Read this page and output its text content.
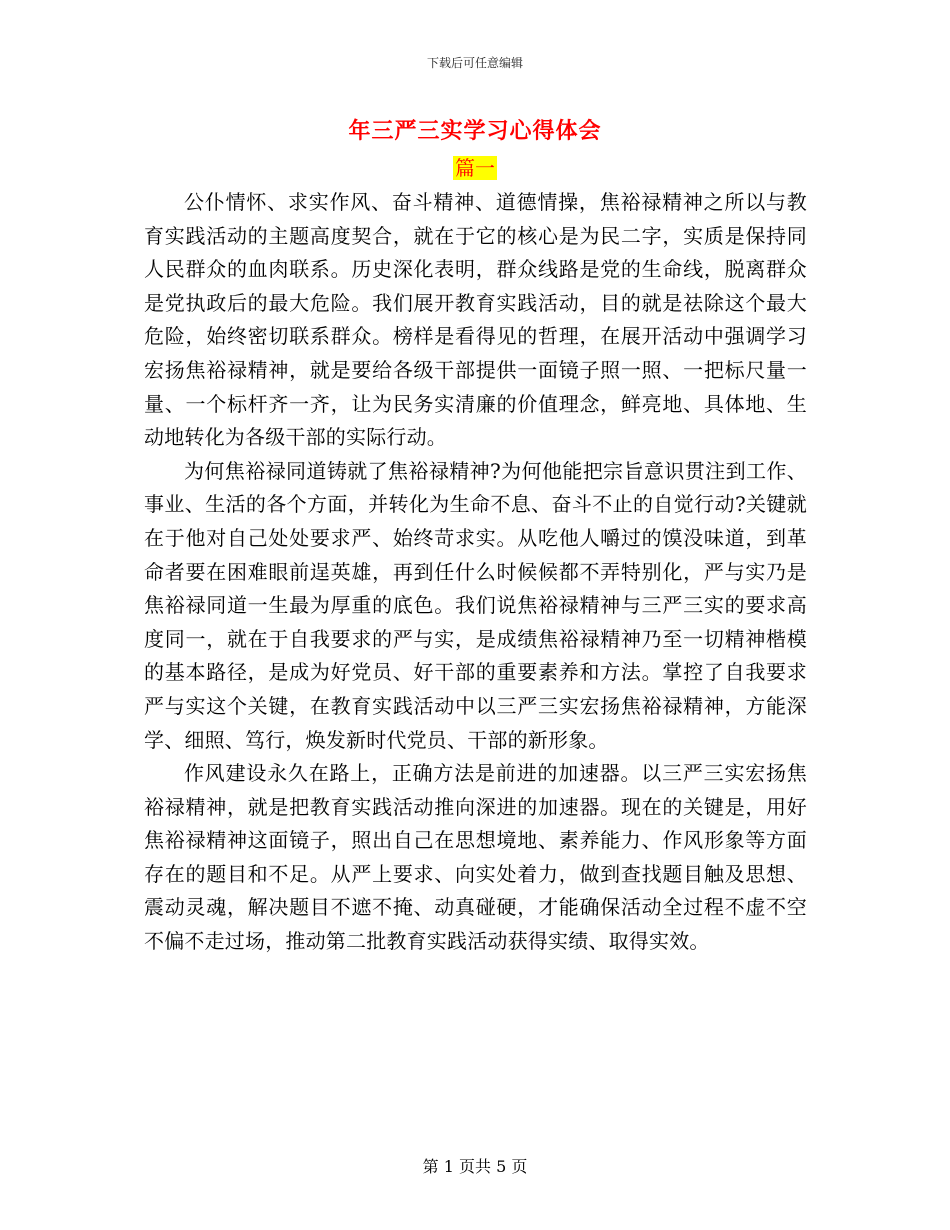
下载后可任意编辑
年三严三实学习心得体会
篇一

公仆情怀、求实作风、奋斗精神、道德情操，焦裕禄精神之所以与教育实践活动的主题高度契合，就在于它的核心是为民二字，实质是保持同人民群众的血肉联系。历史深化表明，群众线路是党的生命线，脱离群众是党执政后的最大危险。我们展开教育实践活动，目的就是祛除这个最大危险，始终密切联系群众。榜样是看得见的哲理，在展开活动中强调学习宏扬焦裕禄精神，就是要给各级干部提供一面镜子照一照、一把标尺量一量、一个标杆齐一齐，让为民务实清廉的价值理念，鲜亮地、具体地、生动地转化为各级干部的实际行动。

为何焦裕禄同道铸就了焦裕禄精神?为何他能把宗旨意识贯注到工作、事业、生活的各个方面，并转化为生命不息、奋斗不止的自觉行动?关键就在于他对自己处处要求严、始终苛求实。从吃他人嚼过的馍没味道，到革命者要在困难眼前逞英雄，再到任什么时候候都不弄特别化，严与实乃是焦裕禄同道一生最为厚重的底色。我们说焦裕禄精神与三严三实的要求高度同一，就在于自我要求的严与实，是成绩焦裕禄精神乃至一切精神楷模的基本路径，是成为好党员、好干部的重要素养和方法。掌控了自我要求严与实这个关键，在教育实践活动中以三严三实宏扬焦裕禄精神，方能深学、细照、笃行，焕发新时代党员、干部的新形象。

作风建设永久在路上，正确方法是前进的加速器。以三严三实宏扬焦裕禄精神，就是把教育实践活动推向深进的加速器。现在的关键是，用好焦裕禄精神这面镜子，照出自己在思想境地、素养能力、作风形象等方面存在的题目和不足。从严上要求、向实处着力，做到查找题目触及思想、震动灵魂，解决题目不遮不掩、动真碰硬，才能确保活动全过程不虚不空不偏不走过场，推动第二批教育实践活动获得实绩、取得实效。

第 1 页共 5 页
